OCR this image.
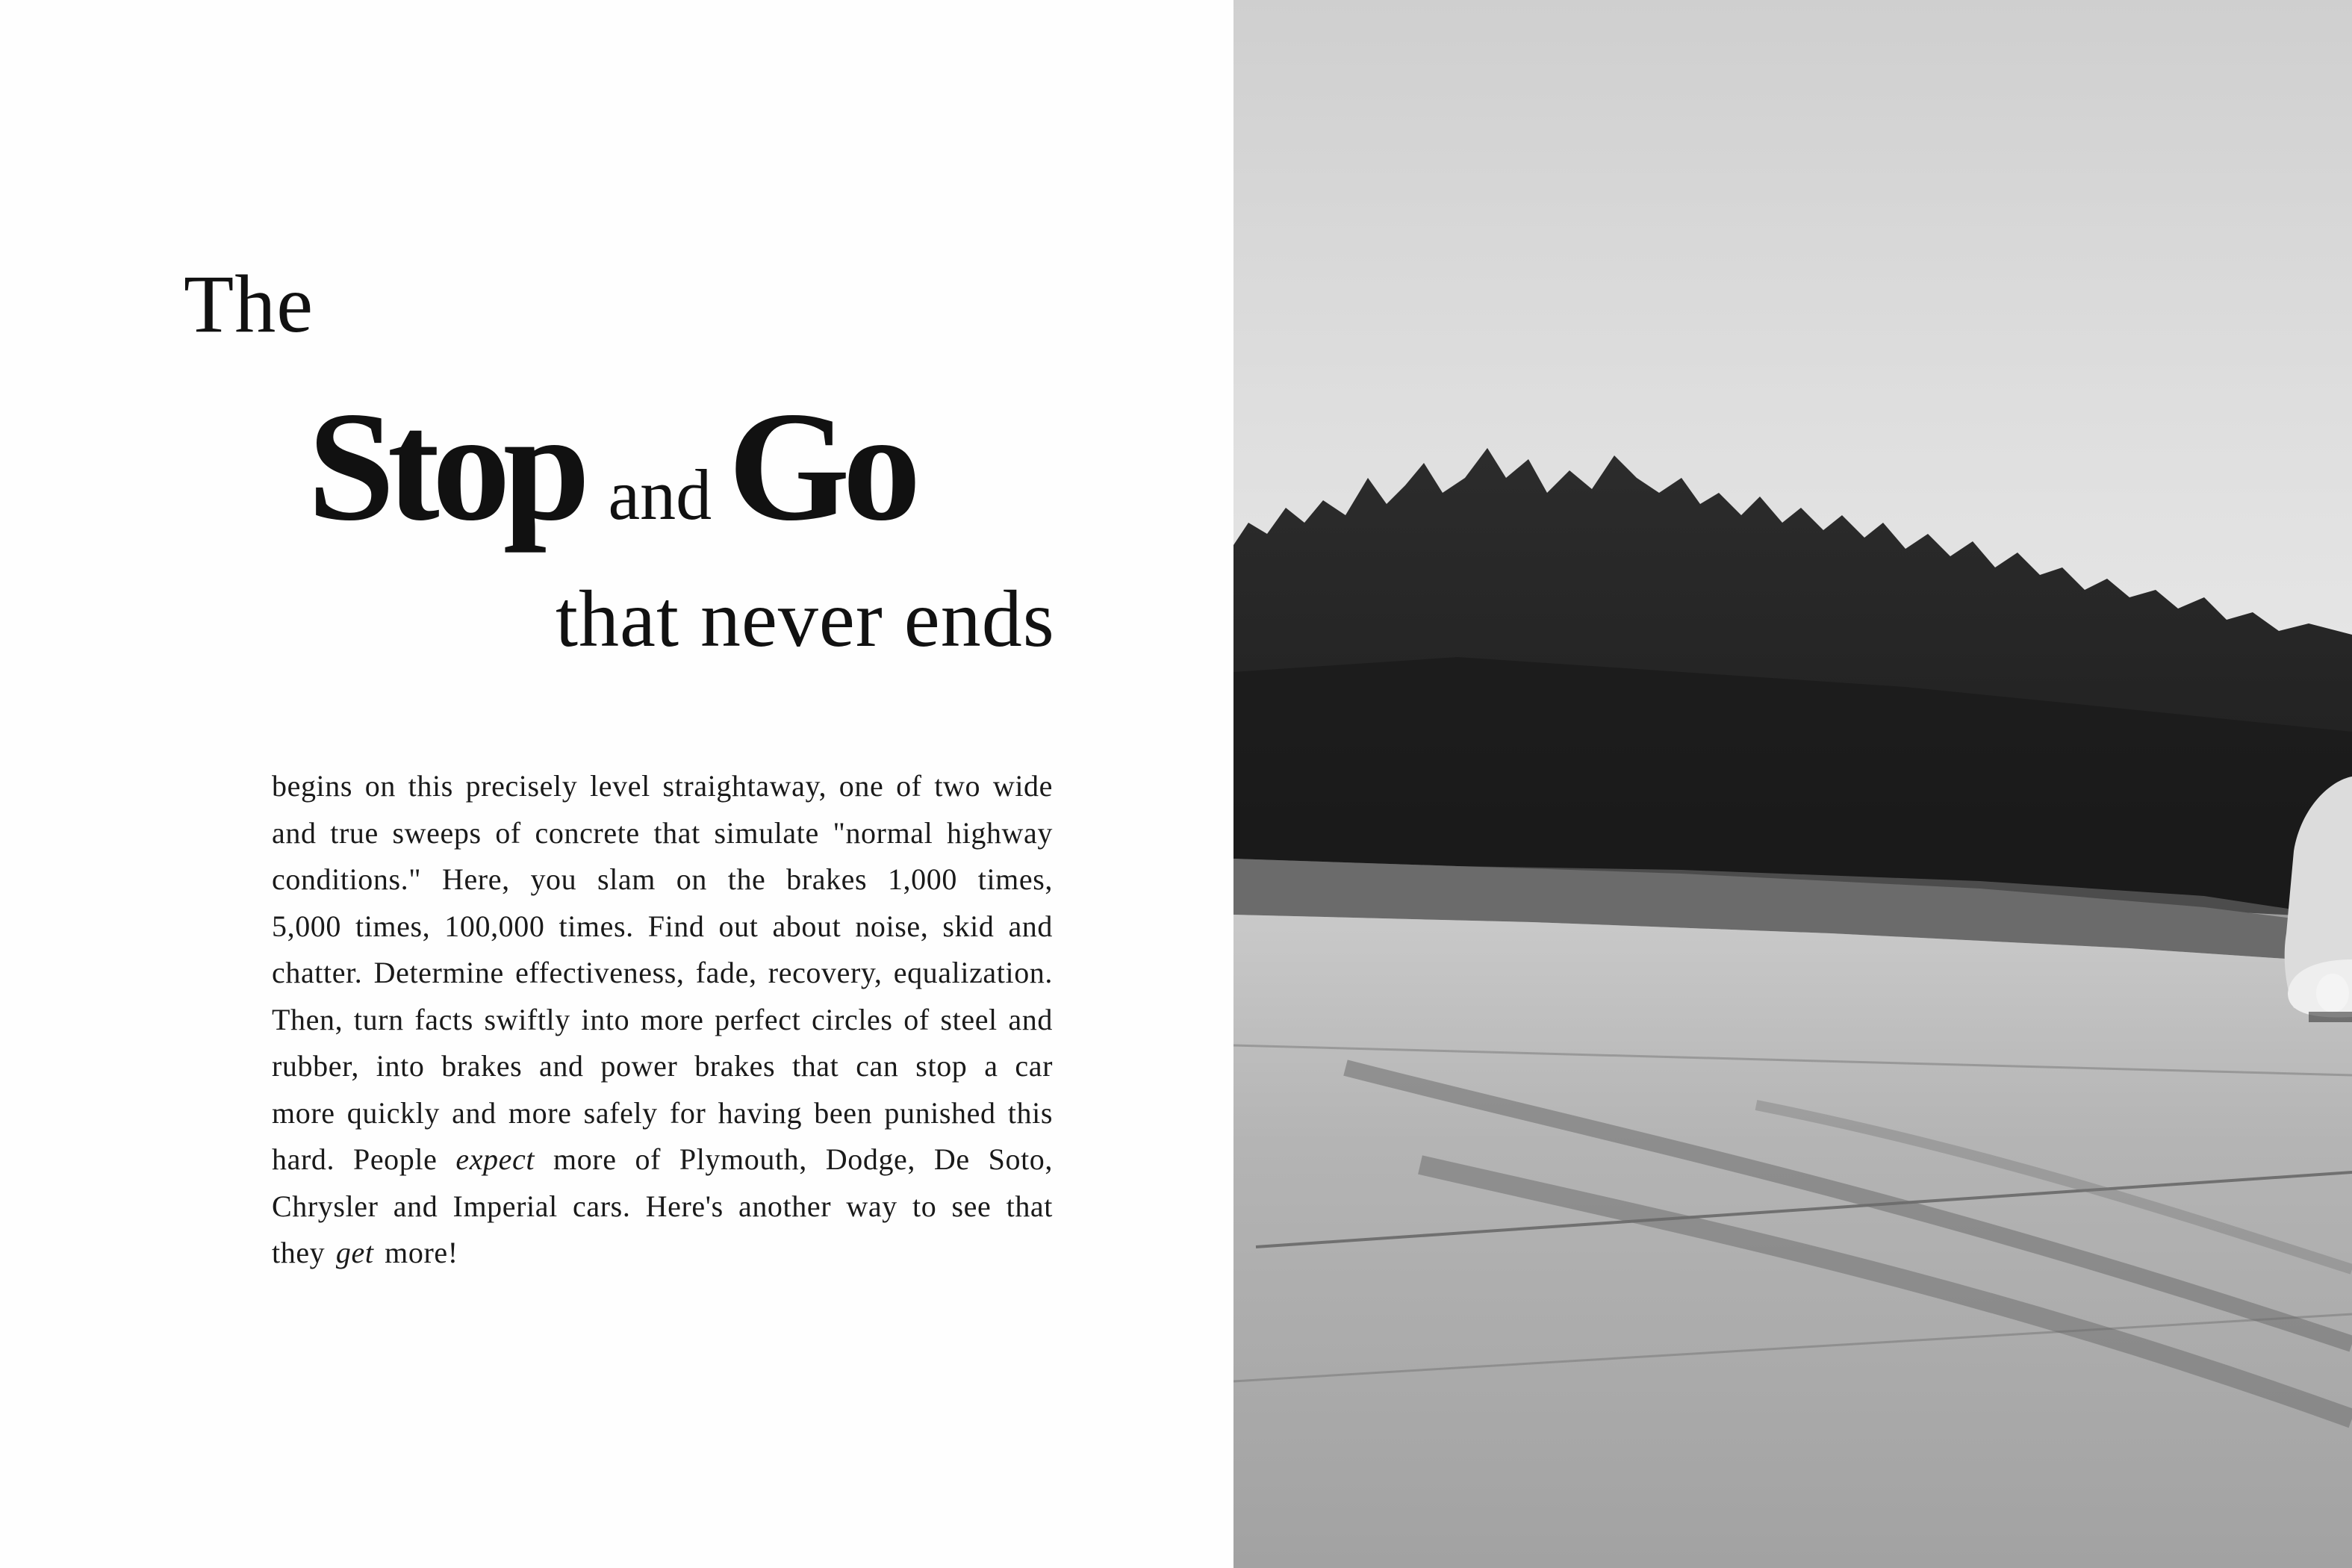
The
Stop and Go
that never ends

begins on this precisely level straightaway, one of two wide and true sweeps of concrete that simulate "normal highway conditions." Here, you slam on the brakes 1,000 times, 5,000 times, 100,000 times. Find out about noise, skid and chatter. Determine effectiveness, fade, recovery, equalization. Then, turn facts swiftly into more perfect circles of steel and rubber, into brakes and power brakes that can stop a car more quickly and more safely for having been punished this hard. People expect more of Plymouth, Dodge, De Soto, Chrysler and Imperial cars. Here's another way to see that they get more!
